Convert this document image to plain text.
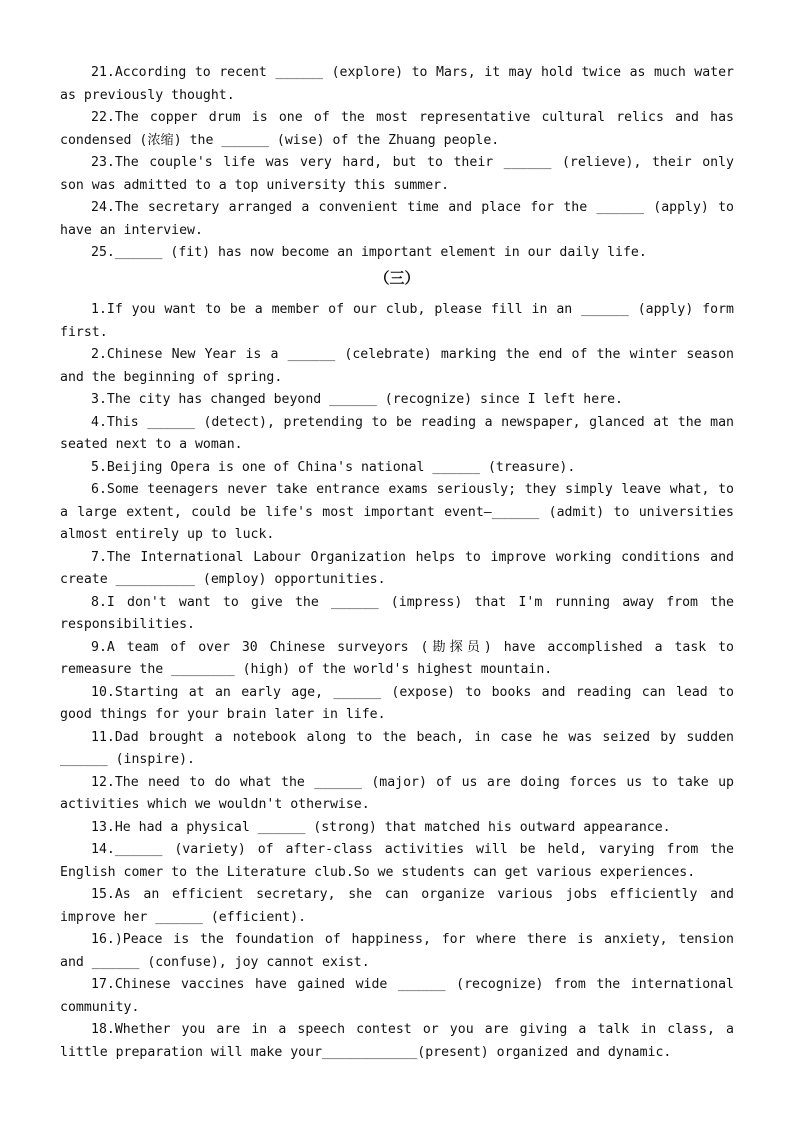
21.According to recent ______ (explore) to Mars, it may hold twice as much water as previously thought.

22.The copper drum is one of the most representative cultural relics and has condensed (浓缩) the ______ (wise) of the Zhuang people.

23.The couple's life was very hard, but to their ______ (relieve), their only son was admitted to a top university this summer.

24.The secretary arranged a convenient time and place for the ______ (apply) to have an interview.

25.______ (fit) has now become an important element in our daily life.

（三）

1.If you want to be a member of our club, please fill in an ______ (apply) form first.

2.Chinese New Year is a ______ (celebrate) marking the end of the winter season and the beginning of spring.

3.The city has changed beyond ______ (recognize) since I left here.

4.This ______ (detect), pretending to be reading a newspaper, glanced at the man seated next to a woman.

5.Beijing Opera is one of China's national ______ (treasure).

6.Some teenagers never take entrance exams seriously; they simply leave what, to a large extent, could be life's most important event—______ (admit) to universities almost entirely up to luck.

7.The International Labour Organization helps to improve working conditions and create __________ (employ) opportunities.

8.I don't want to give the ______ (impress) that I'm running away from the responsibilities.

9.A team of over 30 Chinese surveyors (勘探员) have accomplished a task to remeasure the ________ (high) of the world's highest mountain.

10.Starting at an early age, ______ (expose) to books and reading can lead to good things for your brain later in life.

11.Dad brought a notebook along to the beach, in case he was seized by sudden ______ (inspire).

12.The need to do what the ______ (major) of us are doing forces us to take up activities which we wouldn't otherwise.

13.He had a physical ______ (strong) that matched his outward appearance.

14.______ (variety) of after-class activities will be held, varying from the English comer to the Literature club.So we students can get various experiences.

15.As an efficient secretary, she can organize various jobs efficiently and improve her ______ (efficient).

16.)Peace is the foundation of happiness, for where there is anxiety, tension and ______ (confuse), joy cannot exist.

17.Chinese vaccines have gained wide ______ (recognize) from the international community.

18.Whether you are in a speech contest or you are giving a talk in class, a little preparation will make your____________(present) organized and dynamic.
